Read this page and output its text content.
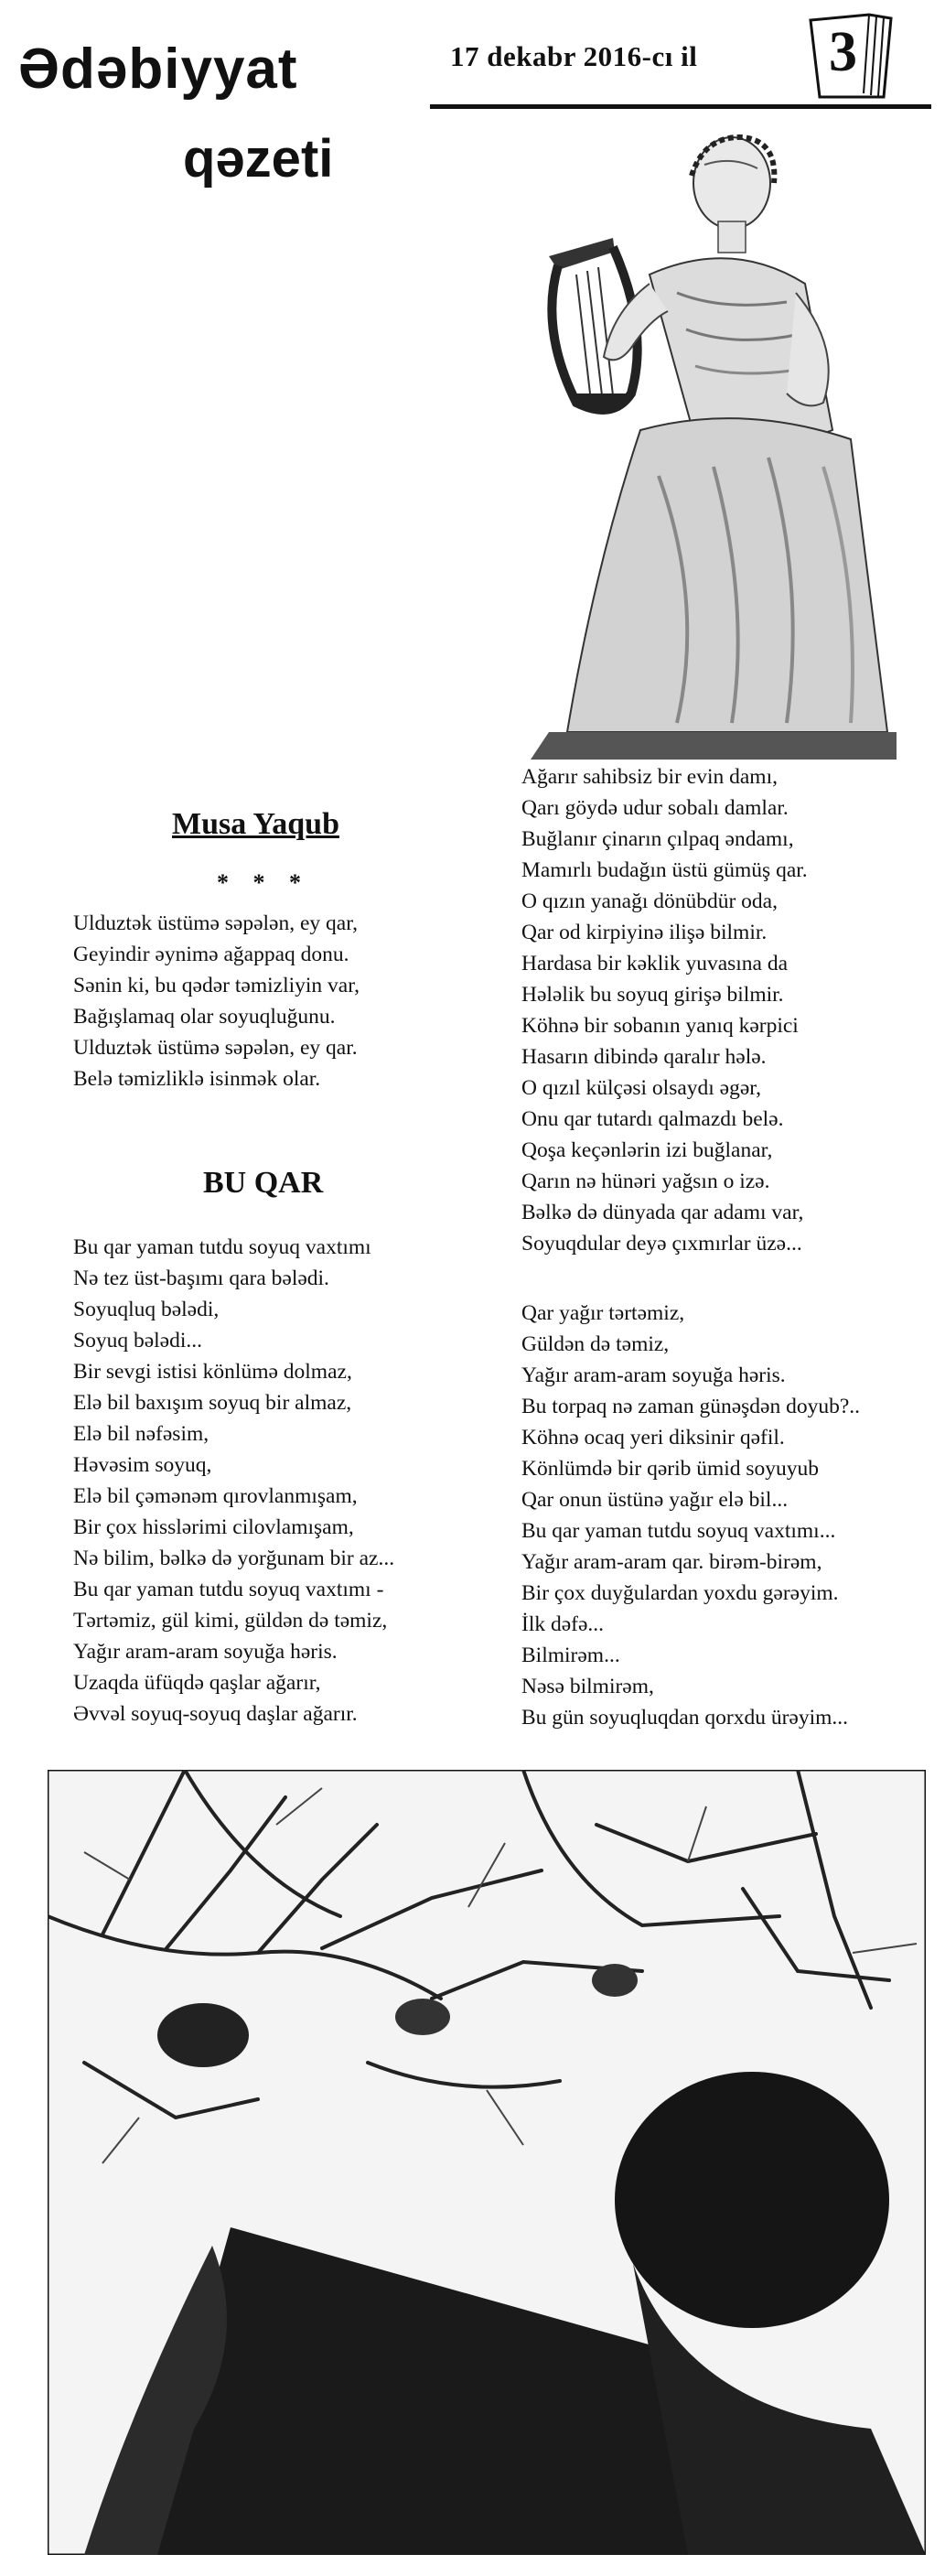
Ədəbiyyat
qəzeti
17 dekabr 2016-cı il 3
Musa Yaqub
* * *
Ulduztək üstümə səpələn, ey qar,
Geyindir əynimə ağappaq donu.
Sənin ki, bu qədər təmizliyin var,
Bağışlamaq olar soyuqluğunu.
Ulduztək üstümə səpələn, ey qar.
Belə təmizliklə isinmək olar.
BU QAR
Bu qar yaman tutdu soyuq vaxtımı
Nə tez üst-başımı qara bələdi.
Soyuqluq bələdi,
Soyuq bələdi...
Bir sevgi istisi könlümə dolmaz,
Elə bil baxışım soyuq bir almaz,
Elə bil nəfəsim,
Həvəsim soyuq,
Elə bil çəmənəm qırovlanmışam,
Bir çox hisslərimi cilovlamışam,
Nə bilim, bəlkə də yorğunam bir az...
Bu qar yaman tutdu soyuq vaxtımı -
Tərtəmiz, gül kimi, güldən də təmiz,
Yağır aram-aram soyuğa həris.
Uzaqda üfüqdə qaşlar ağarır,
Əvvəl soyuq-soyuq daşlar ağarır.
Ağarır sahibsiz bir evin damı,
Qarı göydə udur sobalı damlar.
Buğlanır çinarın çılpaq əndamı,
Mamırlı budağın üstü gümüş qar.
O qızın yanağı dönübdür oda,
Qar od kirpiyinə ilişə bilmir.
Hardasa bir kəklik yuvasına da
Hələlik bu soyuq girişə bilmir.
Köhnə bir sobanın yanıq kərpici
Hasarın dibində qaralır hələ.
O qızıl külçəsi olsaydı əgər,
Onu qar tutardı qalmazdı belə.
Qoşa keçənlərin izi buğlanar,
Qarın nə hünəri yağsın o izə.
Bəlkə də dünyada qar adamı var,
Soyuqdular deyə çıxmırlar üzə...
Qar yağır tərtəmiz,
Güldən də təmiz,
Yağır aram-aram soyuğa həris.
Bu torpaq nə zaman günəşdən doyub?..
Köhnə ocaq yeri diksinir qəfil.
Könlümdə bir qərib ümid soyuyub
Qar onun üstünə yağır elə bil...
Bu qar yaman tutdu soyuq vaxtımı...
Yağır aram-aram qar. birəm-birəm,
Bir çox duyğulardan yoxdu gərəyim.
İlk dəfə...
Bilmirəm...
Nəsə bilmirəm,
Bu gün soyuqluqdan qorxdu ürəyim...
